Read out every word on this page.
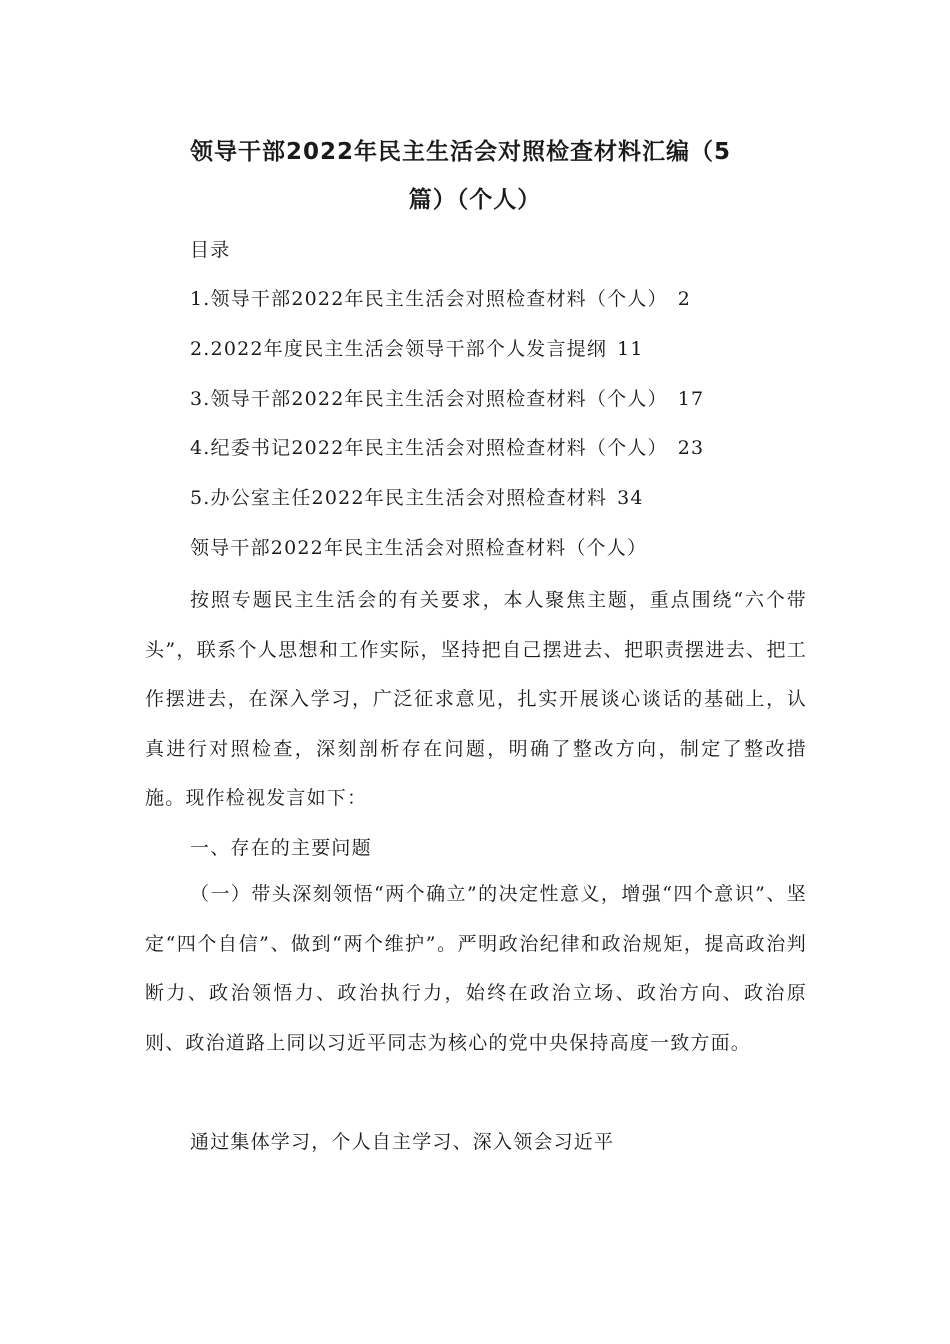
领导干部2022年民主生活会对照检查材料汇编（5
篇）（个人）
目录
1.领导干部2022年民主生活会对照检查材料（个人） 2
2.2022年度民主生活会领导干部个人发言提纲 11
3.领导干部2022年民主生活会对照检查材料（个人） 17
4.纪委书记2022年民主生活会对照检查材料（个人） 23
5.办公室主任2022年民主生活会对照检查材料 34
领导干部2022年民主生活会对照检查材料（个人）

按照专题民主生活会的有关要求，本人聚焦主题，重点围绕“六个带头”，联系个人思想和工作实际，坚持把自己摆进去、把职责摆进去、把工作摆进去，在深入学习，广泛征求意见，扎实开展谈心谈话的基础上，认真进行对照检查，深刻剖析存在问题，明确了整改方向，制定了整改措施。现作检视发言如下：

一、存在的主要问题

（一）带头深刻领悟“两个确立”的决定性意义，增强“四个意识”、坚定“四个自信”、做到“两个维护”。严明政治纪律和政治规矩，提高政治判断力、政治领悟力、政治执行力，始终在政治立场、政治方向、政治原则、政治道路上同以习近平同志为核心的党中央保持高度一致方面。

通过集体学习，个人自主学习、深入领会习近平
